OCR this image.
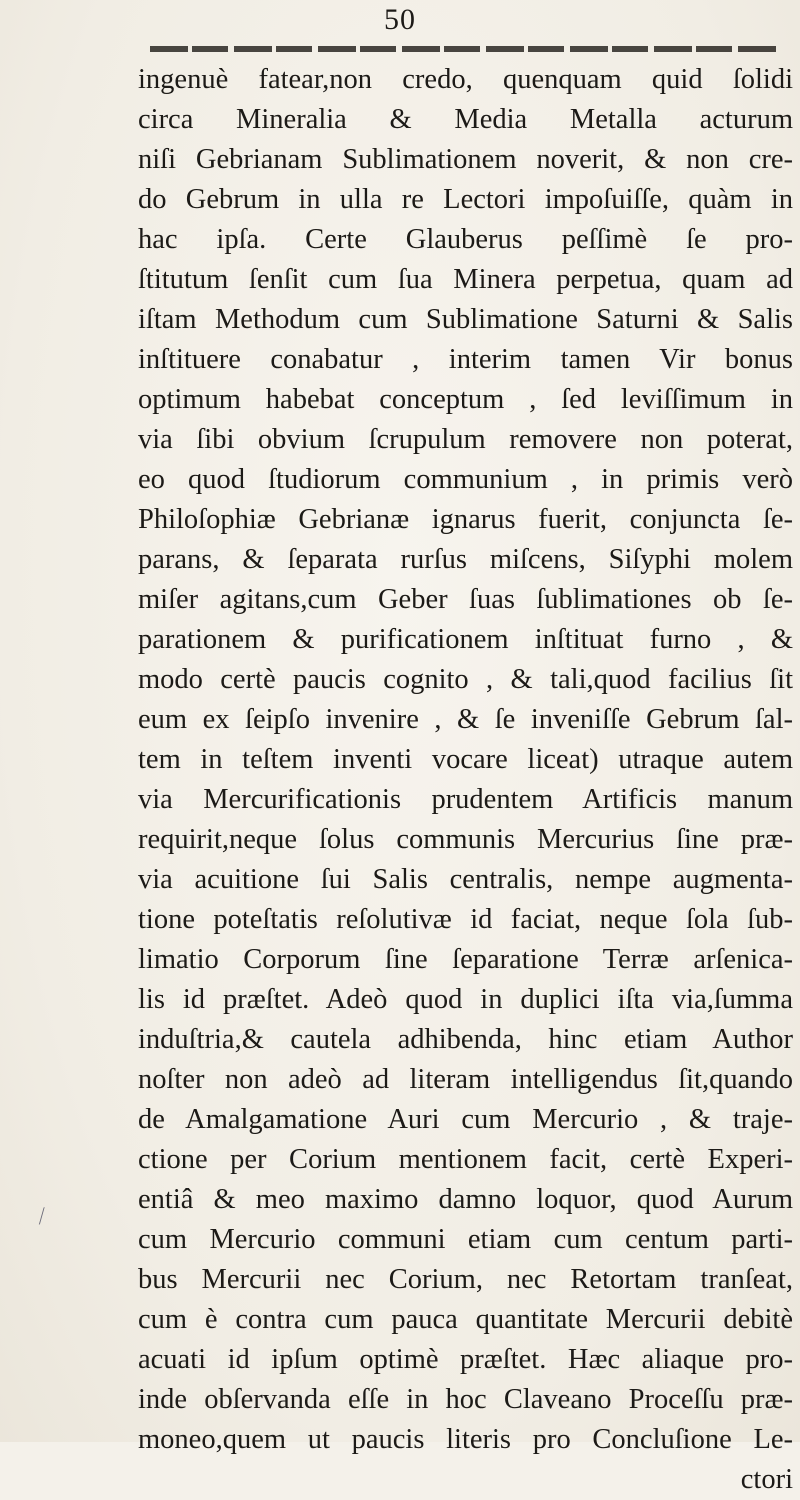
50
ingenuè fatear,non credo, quenquam quid ſolidi
circa Mineralia & Media Metalla acturum
niſi Gebrianam Sublimationem noverit, & non cre-
do Gebrum in ulla re Lectori impoſuiſſe, quàm in
hac ipſa. Certe Glauberus peſſimè ſe pro-
ſtitutum ſenſit cum ſua Minera perpetua, quam ad
iſtam Methodum cum Sublimatione Saturni & Salis
inſtituere conabatur , interim tamen Vir bonus
optimum habebat conceptum , ſed leviſſimum in
via ſibi obvium ſcrupulum removere non poterat,
eo quod ſtudiorum communium , in primis verò
Philoſophiæ Gebrianæ ignarus fuerit, conjuncta ſe-
parans, & ſeparata rurſus miſcens, Siſyphi molem
miſer agitans,cum Geber ſuas ſublimationes ob ſe-
parationem & purificationem inſtituat furno , &
modo certè paucis cognito , & tali,quod facilius ſit
eum ex ſeipſo invenire , & ſe inveniſſe Gebrum ſal-
tem in teſtem inventi vocare liceat) utraque autem
via Mercurificationis prudentem Artificis manum
requirit,neque ſolus communis Mercurius ſine præ-
via acuitione ſui Salis centralis, nempe augmenta-
tione poteſtatis reſolutivæ id faciat, neque ſola ſub-
limatio Corporum ſine ſeparatione Terræ arſenica-
lis id præſtet. Adeò quod in duplici iſta via,ſumma
induſtria,& cautela adhibenda, hinc etiam Author
noſter non adeò ad literam intelligendus ſit,quando
de Amalgamatione Auri cum Mercurio , & traje-
ctione per Corium mentionem facit, certè Experi-
entiâ & meo maximo damno loquor, quod Aurum
cum Mercurio communi etiam cum centum parti-
bus Mercurii nec Corium, nec Retortam tranſeat,
cum è contra cum pauca quantitate Mercurii debitè
acuati id ipſum optimè præſtet. Hæc aliaque pro-
inde obſervanda eſſe in hoc Claveano Proceſſu præ-
moneo,quem ut paucis literis pro Concluſione Le-
ctori
⁄
